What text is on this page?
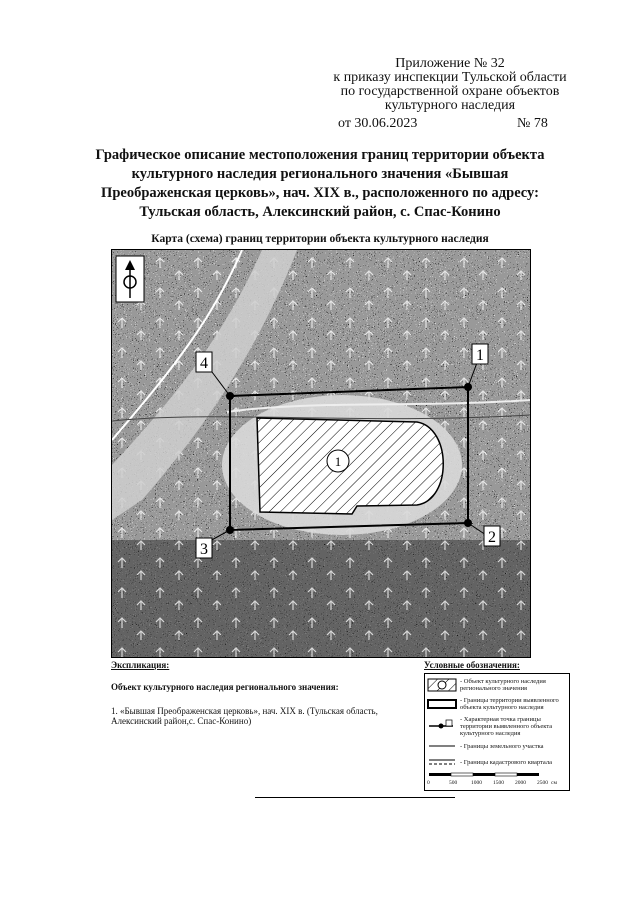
Приложение № 32
к приказу инспекции Тульской области
по государственной охране объектов
культурного наследия
от 30.06.2023	№ 78
Графическое описание местоположения границ территории объекта
культурного наследия регионального значения «Бывшая
Преображенская церковь», нач. XIX в., расположенного по адресу:
Тульская область, Алексинский район, с. Спас-Конино
Карта (схема) границ территории объекта культурного наследия
1
2
3
4
1
Экспликация:
Объект культурного наследия регионального значения:
1. «Бывшая Преображенская церковь», нач. XIX в. (Тульская область,
Алексинский район,с. Спас-Конино)
Условные обозначения:
- Объект культурного наследия
регионального значения
- Границы территории выявленного
объекта культурного наследия
- Характерная точка границы
территории выявленного объекта
культурного наследия
- Границы земельного участка
- Границы кадастрового квартала
0	500	1000	1500	2000	2500 см
